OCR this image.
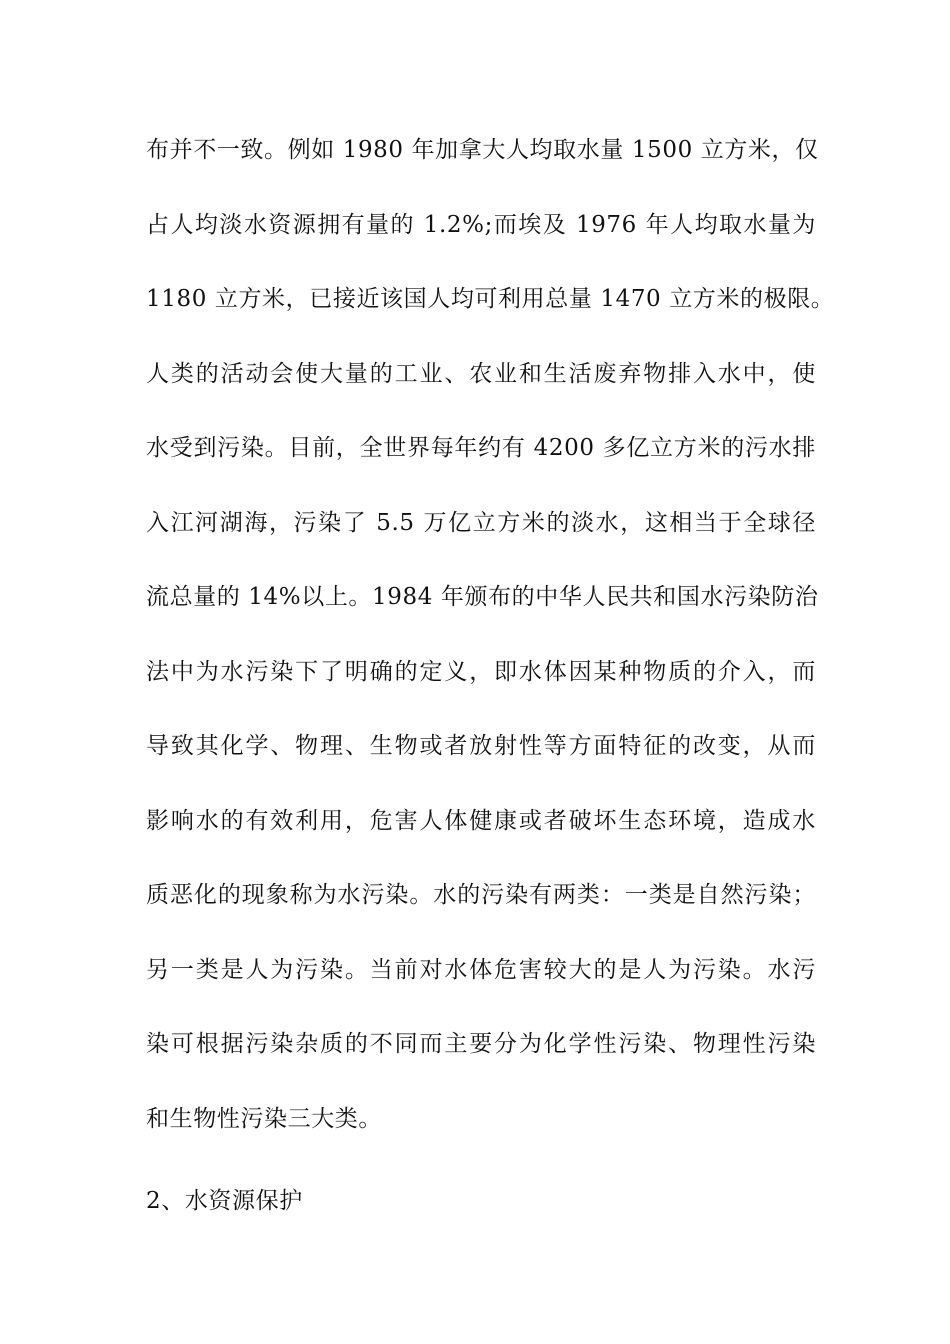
布并不一致。例如 1980 年加拿大人均取水量 1500 立方米，仅
占人均淡水资源拥有量的 1.2%;而埃及 1976 年人均取水量为
1180 立方米，已接近该国人均可利用总量 1470 立方米的极限。
人类的活动会使大量的工业、农业和生活废弃物排入水中，使
水受到污染。目前，全世界每年约有 4200 多亿立方米的污水排
入江河湖海，污染了 5.5 万亿立方米的淡水，这相当于全球径
流总量的 14%以上。1984 年颁布的中华人民共和国水污染防治
法中为水污染下了明确的定义，即水体因某种物质的介入，而
导致其化学、物理、生物或者放射性等方面特征的改变，从而
影响水的有效利用，危害人体健康或者破坏生态环境，造成水
质恶化的现象称为水污染。水的污染有两类：一类是自然污染；
另一类是人为污染。当前对水体危害较大的是人为污染。水污
染可根据污染杂质的不同而主要分为化学性污染、物理性污染
和生物性污染三大类。
2、水资源保护
